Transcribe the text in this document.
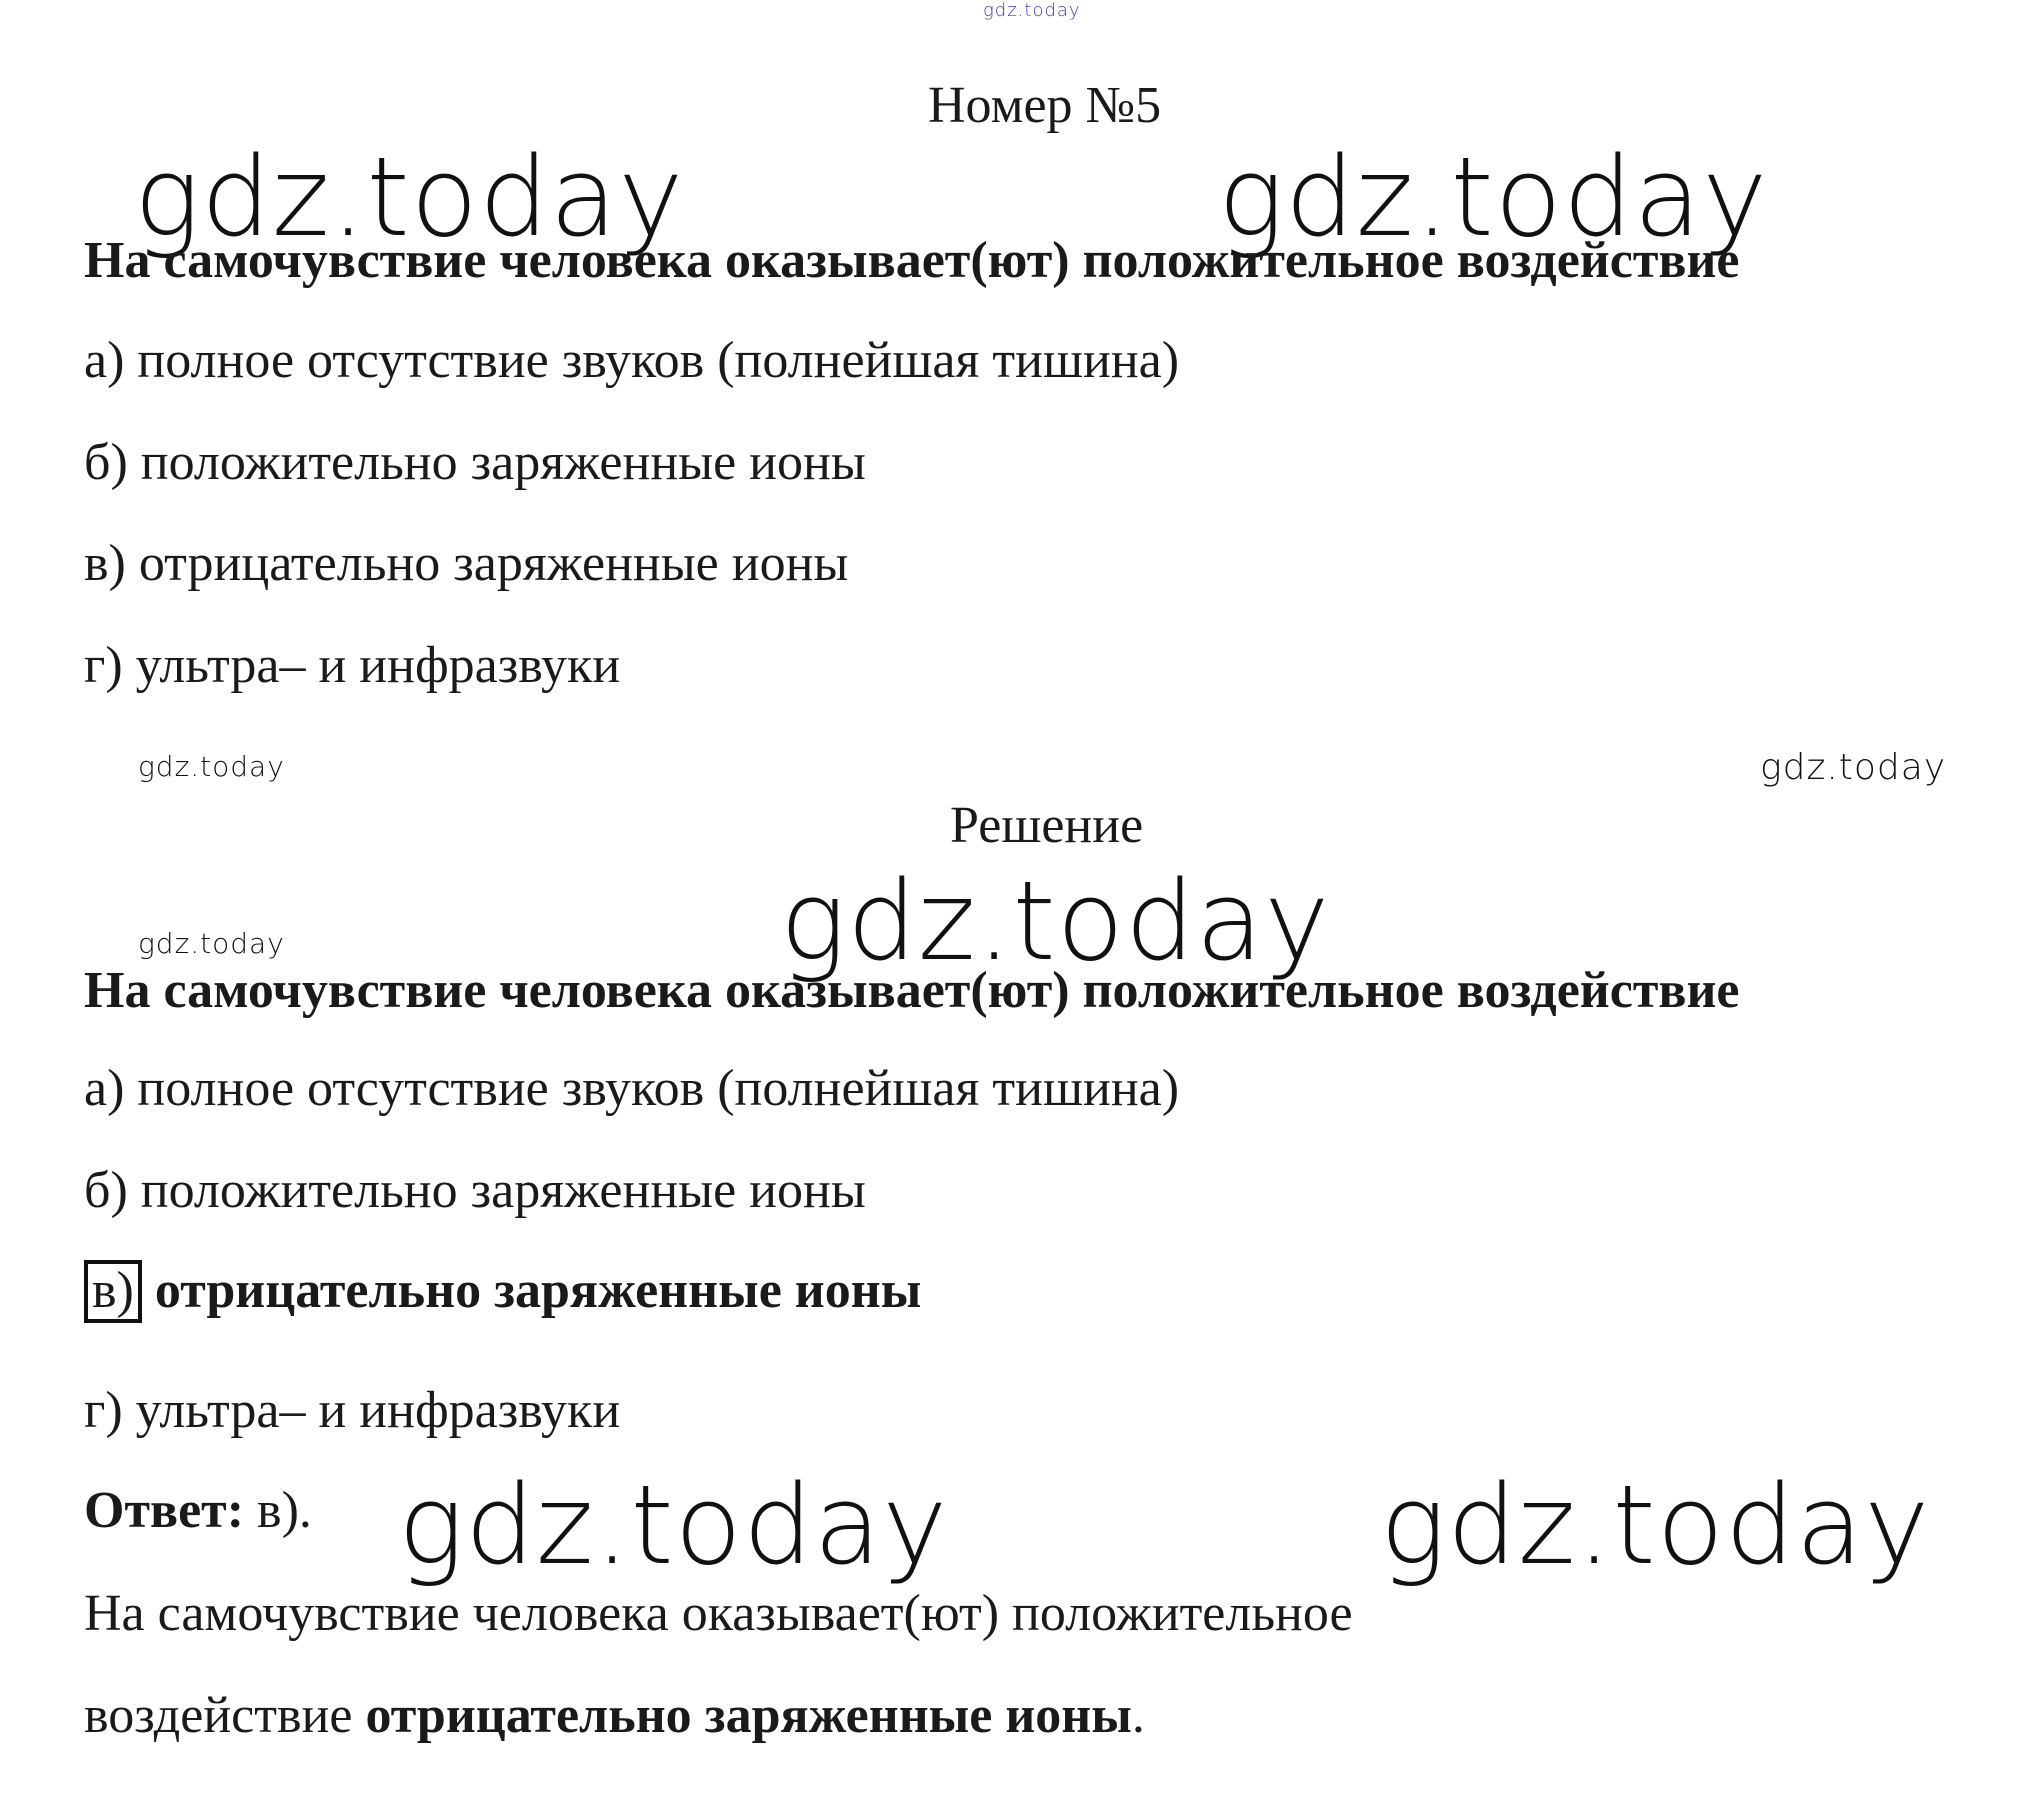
gdz.today
gdz.today	gdz.today
gdz.today	gdz.today
gdz.today
gdz.today
gdz.today	gdz.today
Номер №5
На самочувствие человека оказывает(ют) положительное воздействие
а) полное отсутствие звуков (полнейшая тишина)
б) положительно заряженные ионы
в) отрицательно заряженные ионы
г) ультра– и инфразвуки
Решение
На самочувствие человека оказывает(ют) положительное воздействие
а) полное отсутствие звуков (полнейшая тишина)
б) положительно заряженные ионы
в) отрицательно заряженные ионы
г) ультра– и инфразвуки
Ответ: в).
На самочувствие человека оказывает(ют) положительное
воздействие отрицательно заряженные ионы.
